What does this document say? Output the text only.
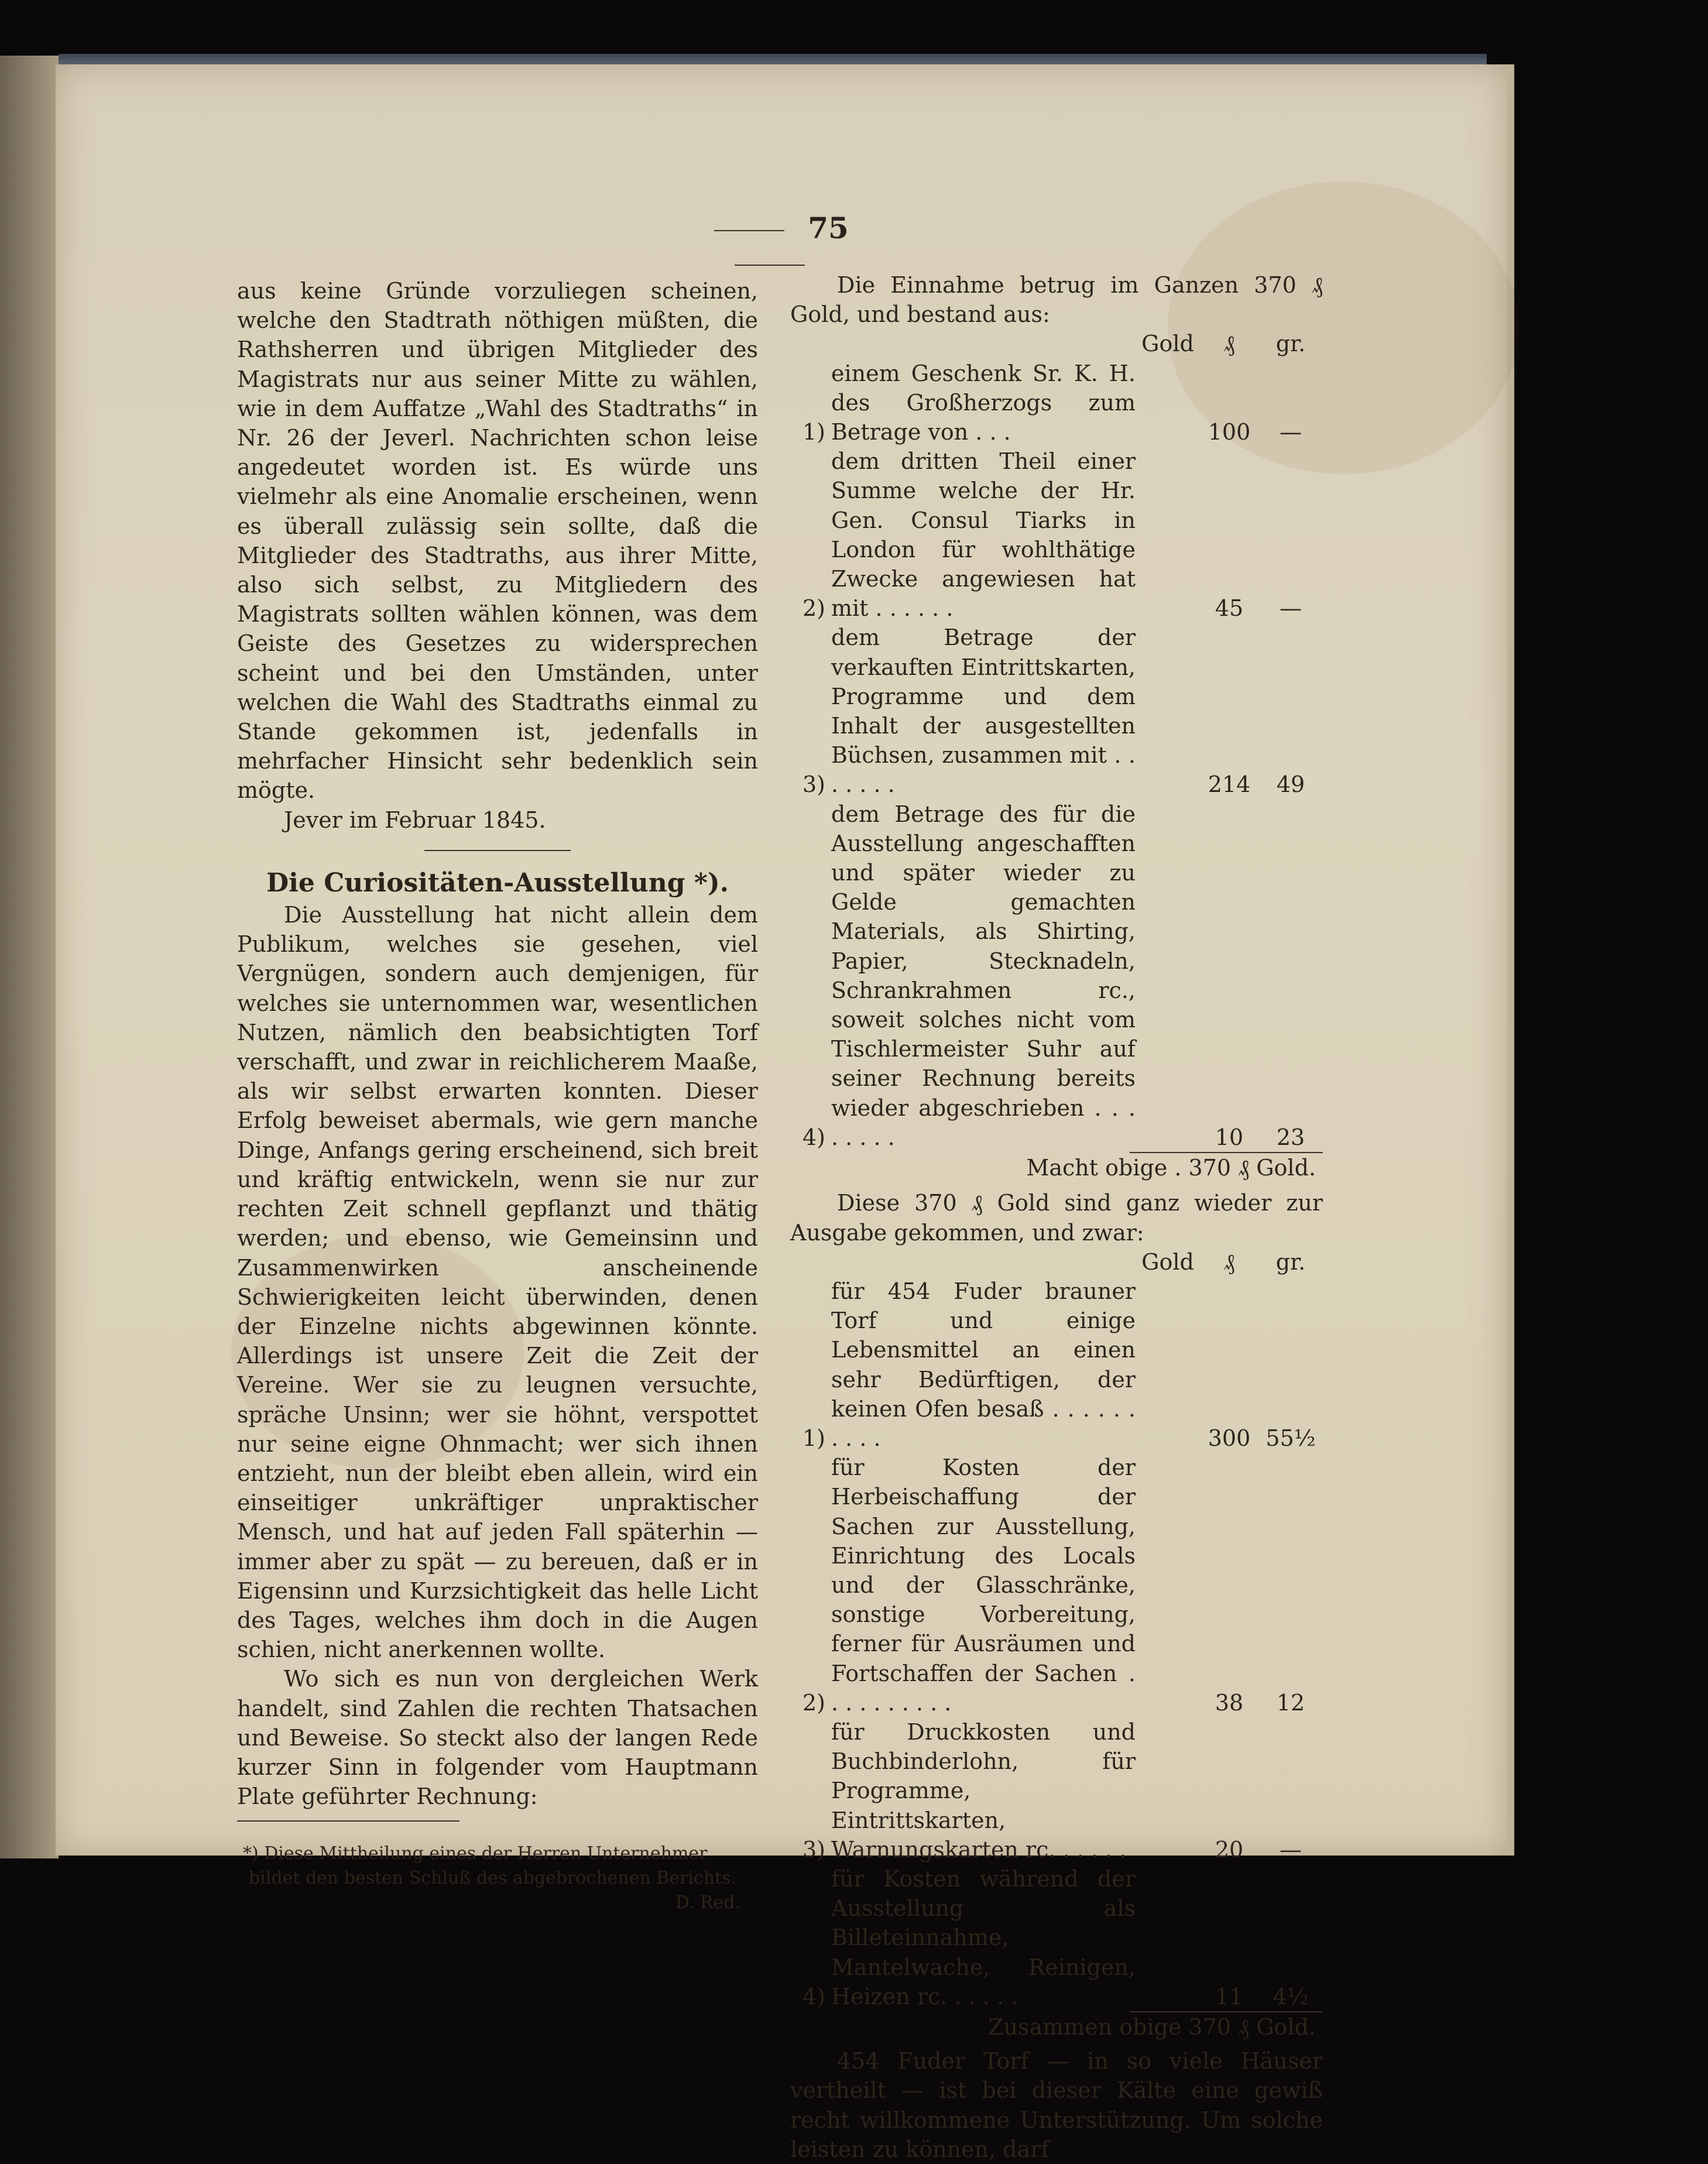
75

aus keine Gründe vorzuliegen scheinen, welche den Stadtrath nöthigen müßten, die Rathsherren und übrigen Mitglieder des Magistrats nur aus seiner Mitte zu wählen, wie in dem Auffatze „Wahl des Stadtraths“ in Nr. 26 der Jeverl. Nachrichten schon leise angedeutet worden ist. Es würde uns vielmehr als eine Anomalie erscheinen, wenn es überall zulässig sein sollte, daß die Mitglieder des Stadtraths, aus ihrer Mitte, also sich selbst, zu Mitgliedern des Magistrats sollten wählen können, was dem Geiste des Gesetzes zu widersprechen scheint und bei den Umständen, unter welchen die Wahl des Stadtraths einmal zu Stande gekommen ist, jedenfalls in mehrfacher Hinsicht sehr bedenklich sein mögte.

Jever im Februar 1845.

Die Curiositäten-Ausstellung *).

Die Ausstellung hat nicht allein dem Publikum, welches sie gesehen, viel Vergnügen, sondern auch demjenigen, für welches sie unternommen war, wesentlichen Nutzen, nämlich den beabsichtigten Torf verschafft, und zwar in reichlicherem Maaße, als wir selbst erwarten konnten. Dieser Erfolg beweiset abermals, wie gern manche Dinge, Anfangs gering erscheinend, sich breit und kräftig entwickeln, wenn sie nur zur rechten Zeit schnell gepflanzt und thätig werden; und ebenso, wie Gemeinsinn und Zusammenwirken anscheinende Schwierigkeiten leicht überwinden, denen der Einzelne nichts abgewinnen könnte. Allerdings ist unsere Zeit die Zeit der Vereine. Wer sie zu leugnen versuchte, spräche Unsinn; wer sie höhnt, verspottet nur seine eigne Ohnmacht; wer sich ihnen entzieht, nun der bleibt eben allein, wird ein einseitiger unkräftiger unpraktischer Mensch, und hat auf jeden Fall späterhin — immer aber zu spät — zu bereuen, daß er in Eigensinn und Kurzsichtigkeit das helle Licht des Tages, welches ihm doch in die Augen schien, nicht anerkennen wollte.

Wo sich es nun von dergleichen Werk handelt, sind Zahlen die rechten Thatsachen und Beweise. So steckt also der langen Rede kurzer Sinn in folgender vom Hauptmann Plate geführter Rechnung:

*) Diese Mittheilung eines der Herren Unternehmer bildet den besten Schluß des abgebrochenen Berichts.
D. Red.

Die Einnahme betrug im Ganzen 370 ₰ Gold, und bestand aus:

Gold	₰	gr.
1)
einem Geschenk Sr. K. H. des Großherzogs zum Betrage von . . .	100	—
2)
dem dritten Theil einer Summe welche der Hr. Gen. Consul Tiarks in London für wohlthätige Zwecke angewiesen hat mit . . . . . .	45	—
3)
dem Betrage der verkauften Eintrittskarten, Programme und dem Inhalt der ausgestellten Büchsen, zusammen mit . . . . . . .	214	49
4)
dem Betrage des für die Ausstellung angeschafften und später wieder zu Gelde gemachten Materials, als Shirting, Papier, Stecknadeln, Schrankrahmen rc., soweit solches nicht vom Tischlermeister Suhr auf seiner Rechnung bereits wieder abgeschrieben . . . . . . . .	10	23
Macht obige . 370 ₰ Gold.

Diese 370 ₰ Gold sind ganz wieder zur Ausgabe gekommen, und zwar:

Gold	₰	gr.
1)
für 454 Fuder brauner Torf und einige Lebensmittel an einen sehr Bedürftigen, der keinen Ofen besaß . . . . . . . . . .	300 55½
2)
für Kosten der Herbeischaffung der Sachen zur Ausstellung, Einrichtung des Locals und der Glasschränke, sonstige Vorbereitung, ferner für Ausräumen und Fortschaffen der Sachen . . . . . . . . . .	38	12
3)
für Druckkosten und Buchbinderlohn, für Programme, Eintrittskarten, Warnungskarten rc. . . . . .	20	—
4)
für Kosten während der Ausstellung als Billeteinnahme, Mantelwache, Reinigen, Heizen rc. . . . . .	11	4½
Zusammen obige 370 ₰ Gold.

454 Fuder Torf — in so viele Häuser vertheilt — ist bei dieser Kälte eine gewiß recht willkommene Unterstützung. Um solche leisten zu können, darf
